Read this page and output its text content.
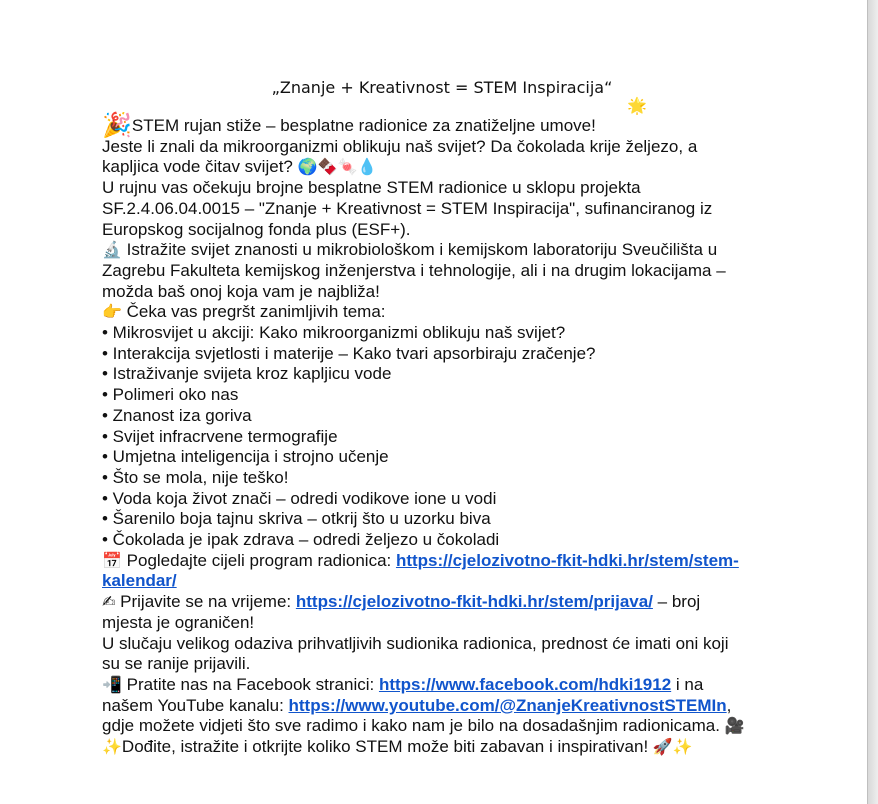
„Znanje + Kreativnost = STEM Inspiracija“
🌟
🎉STEM rujan stiže – besplatne radionice za znatiželjne umove!
Jeste li znali da mikroorganizmi oblikuju naš svijet? Da čokolada krije željezo, a
kapljica vode čitav svijet? 🌍🍫🍬💧
U rujnu vas očekuju brojne besplatne STEM radionice u sklopu projekta
SF.2.4.06.04.0015 – "Znanje + Kreativnost = STEM Inspiracija", sufinanciranog iz
Europskog socijalnog fonda plus (ESF+).
🔬 Istražite svijet znanosti u mikrobiološkom i kemijskom laboratoriju Sveučilišta u
Zagrebu Fakulteta kemijskog inženjerstva i tehnologije, ali i na drugim lokacijama –
možda baš onoj koja vam je najbliža!
👉 Čeka vas pregršt zanimljivih tema:
• Mikrosvijet u akciji: Kako mikroorganizmi oblikuju naš svijet?
• Interakcija svjetlosti i materije – Kako tvari apsorbiraju zračenje?
• Istraživanje svijeta kroz kapljicu vode
• Polimeri oko nas
• Znanost iza goriva
• Svijet infracrvene termografije
• Umjetna inteligencija i strojno učenje
• Što se mola, nije teško!
• Voda koja život znači – odredi vodikove ione u vodi
• Šarenilo boja tajnu skriva – otkrij što u uzorku biva
• Čokolada je ipak zdrava – odredi željezo u čokoladi
📅 Pogledajte cijeli program radionica: https://cjelozivotno-fkit-hdki.hr/stem/stem-
kalendar/
✍ Prijavite se na vrijeme: https://cjelozivotno-fkit-hdki.hr/stem/prijava/ – broj
mjesta je ograničen!
U slučaju velikog odaziva prihvatljivih sudionika radionica, prednost će imati oni koji
su se ranije prijavili.
📲 Pratite nas na Facebook stranici: https://www.facebook.com/hdki1912 i na
našem YouTube kanalu: https://www.youtube.com/@ZnanjeKreativnostSTEMIn,
gdje možete vidjeti što sve radimo i kako nam je bilo na dosadašnjim radionicama. 🎥
✨Dođite, istražite i otkrijte koliko STEM može biti zabavan i inspirativan! 🚀✨
